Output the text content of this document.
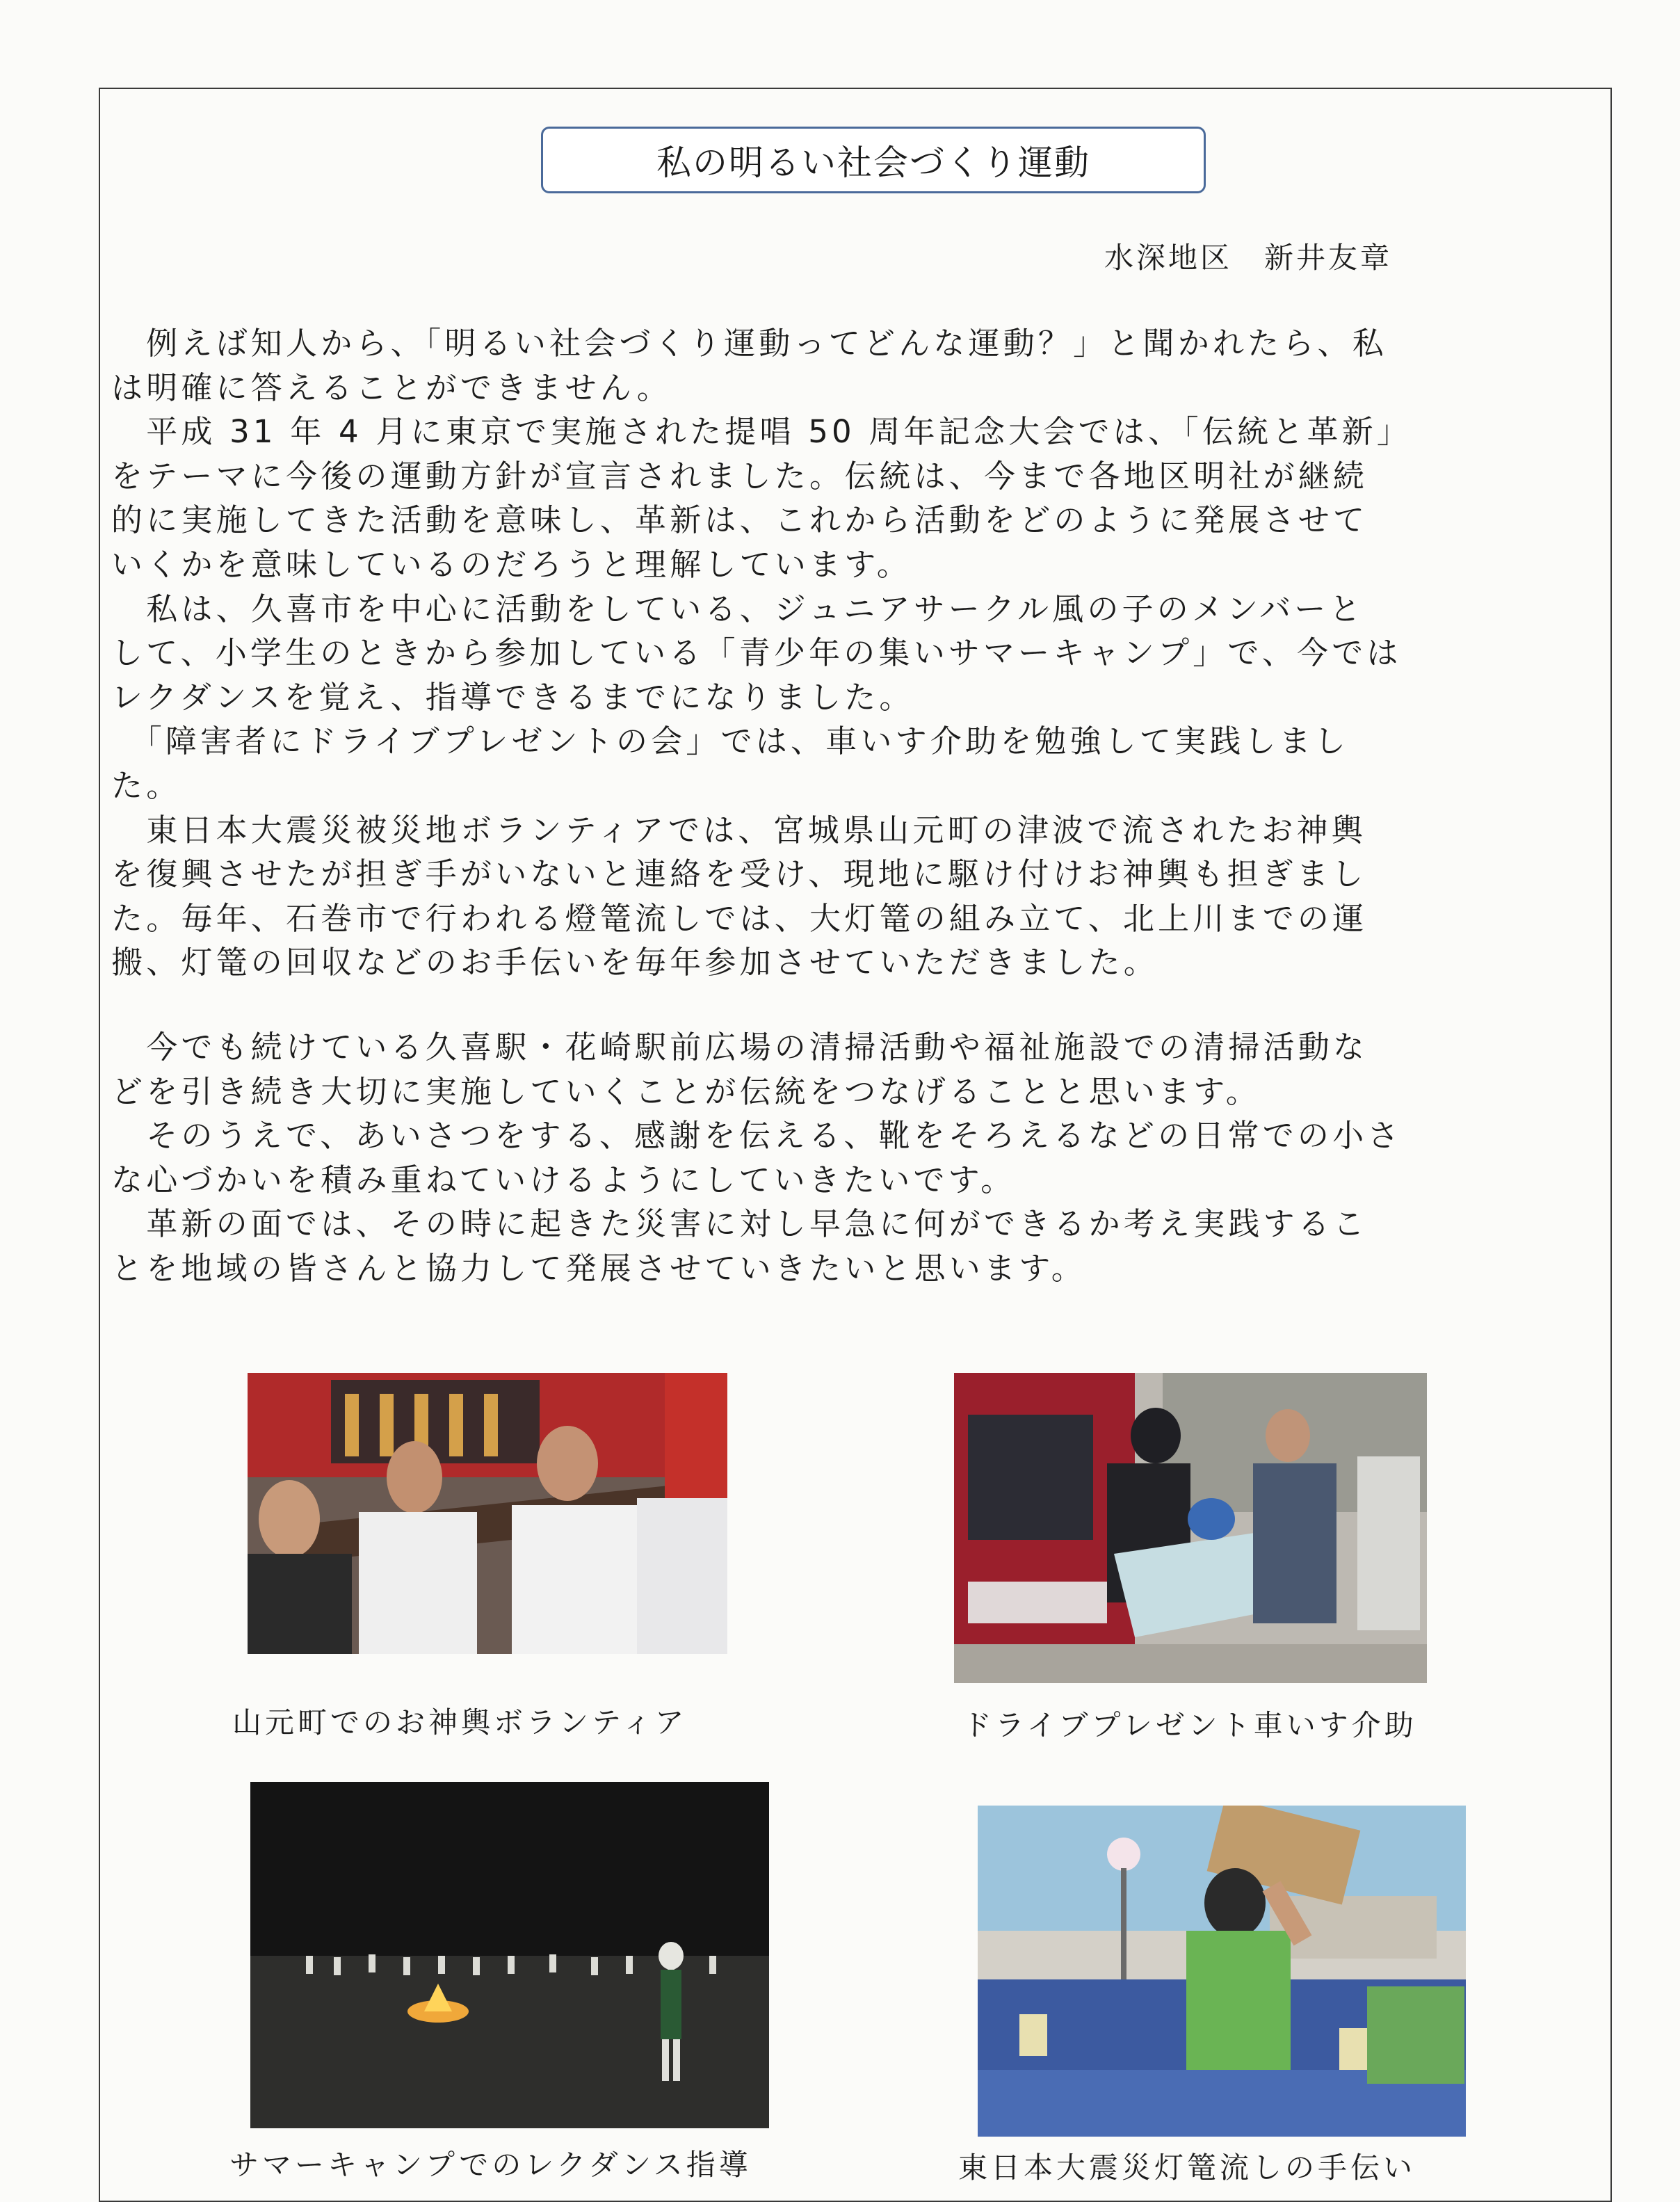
私の明るい社会づくり運動
水深地区　新井友章

　例えば知人から、「明るい社会づくり運動ってどんな運動？」と聞かれたら、私

は明確に答えることができません。

　平成 31 年 4 月に東京で実施された提唱 50 周年記念大会では、「伝統と革新」

をテーマに今後の運動方針が宣言されました。伝統は、今まで各地区明社が継続

的に実施してきた活動を意味し、革新は、これから活動をどのように発展させて

いくかを意味しているのだろうと理解しています。

　私は、久喜市を中心に活動をしている、ジュニアサークル風の子のメンバーと

して、小学生のときから参加している「青少年の集いサマーキャンプ」で、今では

レクダンスを覚え、指導できるまでになりました。

　「障害者にドライブプレゼントの会」では、車いす介助を勉強して実践しまし

た。

　東日本大震災被災地ボランティアでは、宮城県山元町の津波で流されたお神輿

を復興させたが担ぎ手がいないと連絡を受け、現地に駆け付けお神輿も担ぎまし

た。毎年、石巻市で行われる燈篭流しでは、大灯篭の組み立て、北上川までの運

搬、灯篭の回収などのお手伝いを毎年参加させていただきました。

　今でも続けている久喜駅・花崎駅前広場の清掃活動や福祉施設での清掃活動な

どを引き続き大切に実施していくことが伝統をつなげることと思います。

　そのうえで、あいさつをする、感謝を伝える、靴をそろえるなどの日常での小さ

な心づかいを積み重ねていけるようにしていきたいです。

　革新の面では、その時に起きた災害に対し早急に何ができるか考え実践するこ

とを地域の皆さんと協力して発展させていきたいと思います。

山元町でのお神輿ボランティア	ドライブプレゼント車いす介助
サマーキャンプでのレクダンス指導	東日本大震災灯篭流しの手伝い
